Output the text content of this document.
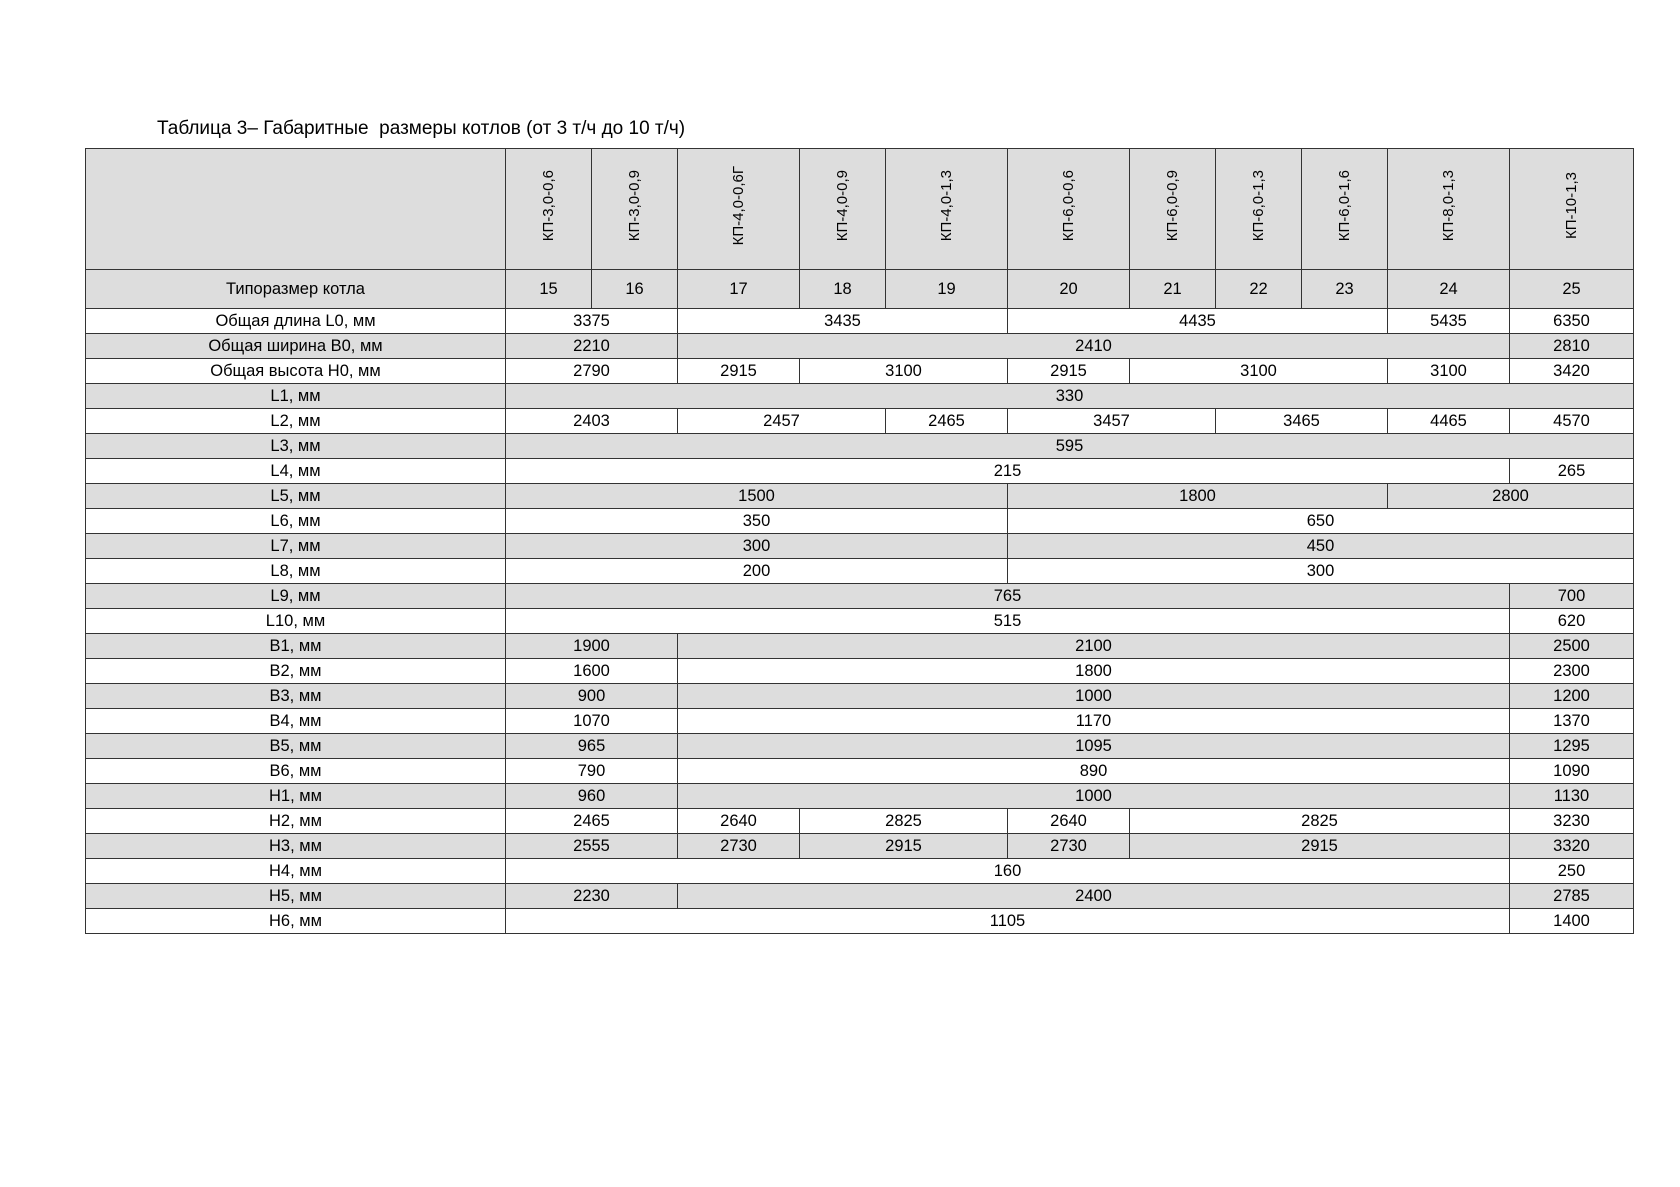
Таблица 3– Габаритные  размеры котлов (от 3 т/ч до 10 т/ч)
	КП-3,0-0,6	КП-3,0-0,9	КП-4,0-0,6Г	КП-4,0-0,9	КП-4,0-1,3	КП-6,0-0,6	КП-6,0-0,9	КП-6,0-1,3	КП-6,0-1,6	КП-8,0-1,3	КП-10-1,3
Типоразмер котла	15	16	17	18	19	20	21	22	23	24	25
Общая длина L0, мм	3375		3435			4435				5435	6350
Общая ширина В0, мм	2210		2410								2810
Общая высота Н0, мм	2790		2915	3100		2915	3100			3100	3420
L1, мм	330										
L2, мм	2403		2457		2465	3457		3465		4465	4570
L3, мм	595										
L4, мм	215										265
L5, мм	1500					1800				2800	
L6, мм	350					650					
L7, мм	300					450					
L8, мм	200					300					
L9, мм	765										700
L10, мм	515										620
В1, мм	1900		2100								2500
В2, мм	1600		1800								2300
В3, мм	900		1000								1200
В4, мм	1070		1170								1370
В5, мм	965		1095								1295
В6, мм	790		890								1090
Н1, мм	960		1000								1130
Н2, мм	2465		2640	2825		2640	2825				3230
Н3, мм	2555		2730	2915		2730	2915				3320
Н4, мм	160										250
Н5, мм	2230		2400								2785
Н6, мм	1105										1400
